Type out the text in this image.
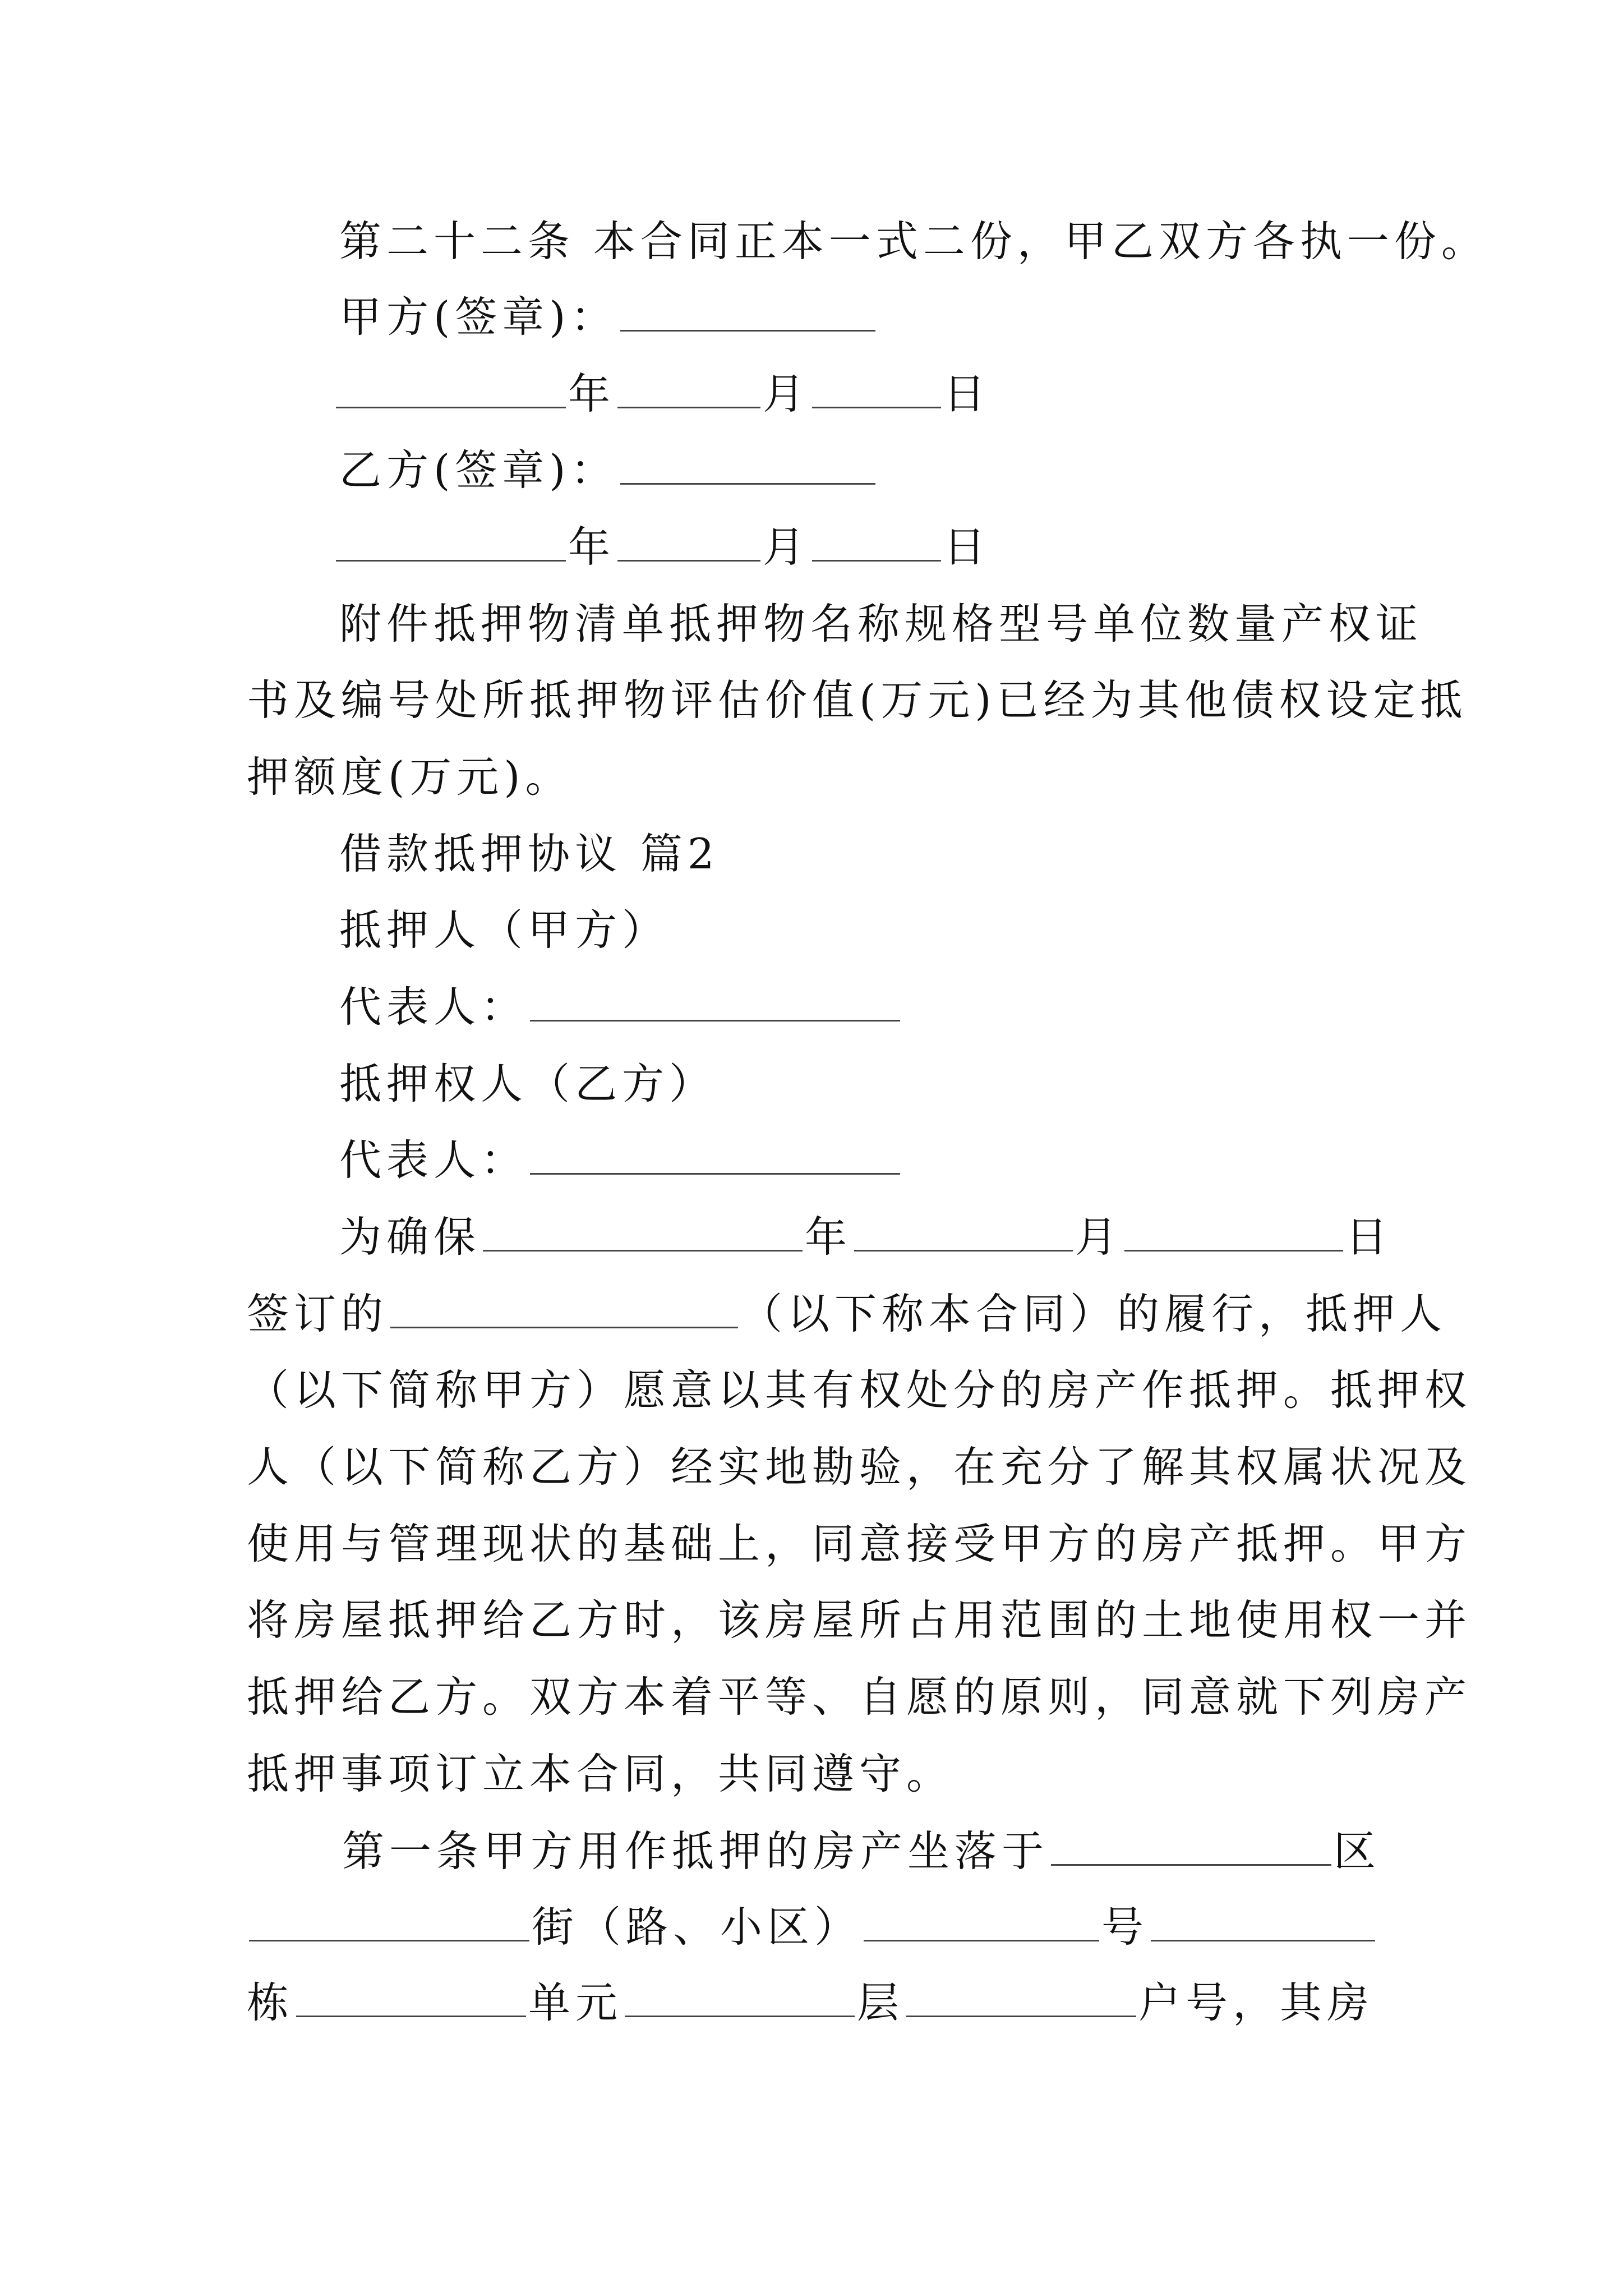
第二十二条 本合同正本一式二份，甲乙双方各执一份。
甲方(签章)：
年	月	日
乙方(签章)：
年	月	日
附件抵押物清单抵押物名称规格型号单位数量产权证
书及编号处所抵押物评估价值(万元)已经为其他债权设定抵
押额度(万元)。
借款抵押协议 篇2
抵押人（甲方）
代表人：
抵押权人（乙方）
代表人：
为确保	年	月	日
签订的	（以下称本合同）的履行，抵押人
（以下简称甲方）愿意以其有权处分的房产作抵押。抵押权
人（以下简称乙方）经实地勘验，在充分了解其权属状况及
使用与管理现状的基础上，同意接受甲方的房产抵押。甲方
将房屋抵押给乙方时，该房屋所占用范围的土地使用权一并
抵押给乙方。双方本着平等、自愿的原则，同意就下列房产
抵押事项订立本合同，共同遵守。
第一条甲方用作抵押的房产坐落于	区
街（路、小区）	号
栋	单元	层	户号，其房
